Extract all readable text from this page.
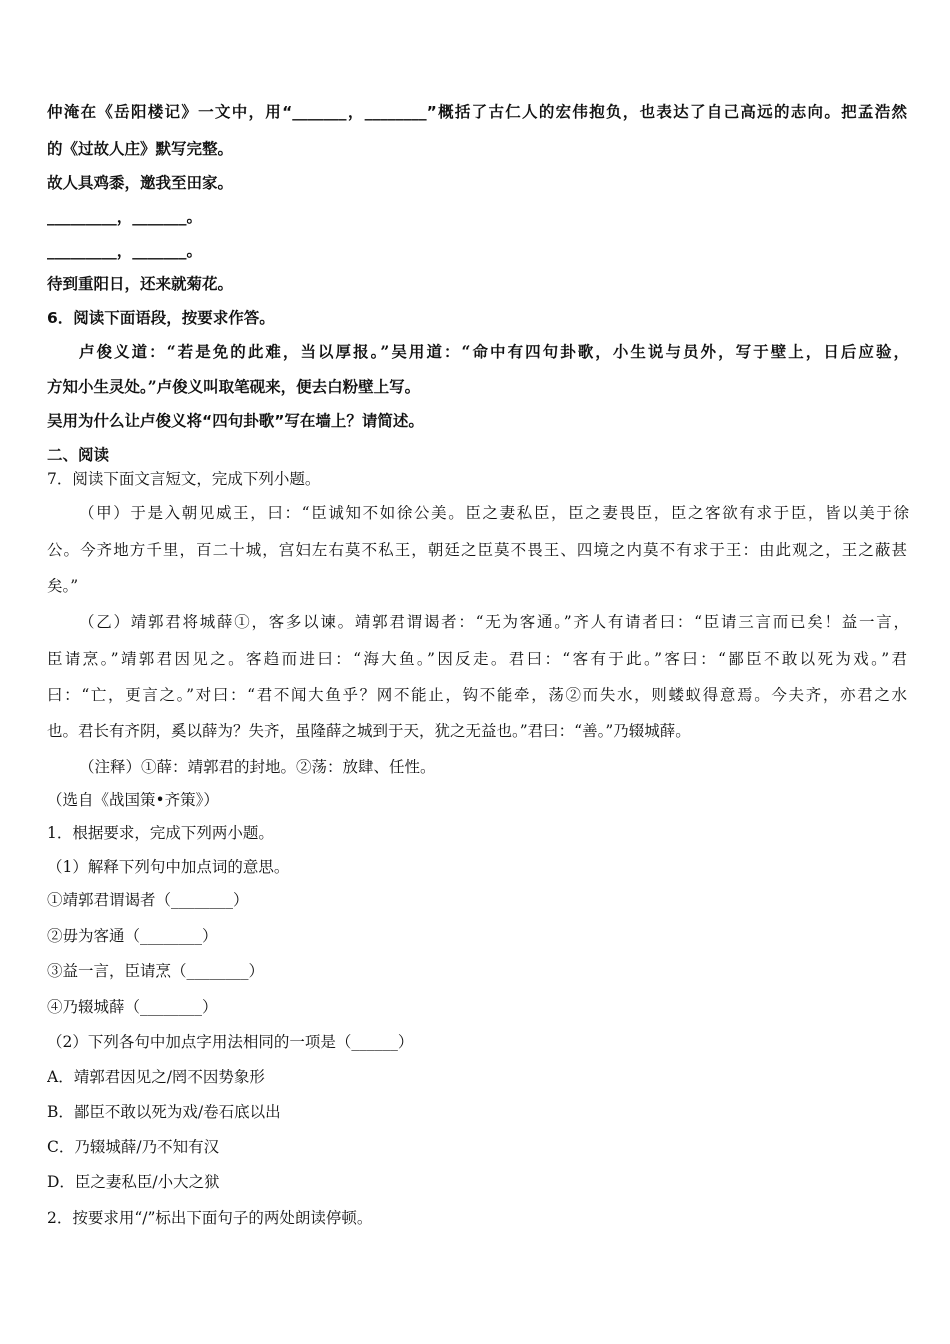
仲淹在《岳阳楼记》一文中，用“_______，________”概括了古仁人的宏伟抱负，也表达了自己高远的志向。把孟浩然
的《过故人庄》默写完整。
故人具鸡黍，邀我至田家。
_________，_______。
_________，_______。
待到重阳日，还来就菊花。
6．阅读下面语段，按要求作答。
卢俊义道：“若是免的此难，当以厚报。”吴用道：“命中有四句卦歌，小生说与员外，写于壁上，日后应验，
方知小生灵处。”卢俊义叫取笔砚来，便去白粉壁上写。
吴用为什么让卢俊义将“四句卦歌”写在墙上？请简述。
二、阅读
7．阅读下面文言短文，完成下列小题。
（甲）于是入朝见威王，曰：“臣诚知不如徐公美。臣之妻私臣，臣之妻畏臣，臣之客欲有求于臣，皆以美于徐
公。今齐地方千里，百二十城，宫妇左右莫不私王，朝廷之臣莫不畏王、四境之内莫不有求于王：由此观之，王之蔽甚
矣。”
（乙）靖郭君将城薛①，客多以谏。靖郭君谓谒者：“无为客通。”齐人有请者曰：“臣请三言而已矣！益一言，
臣请烹。”靖郭君因见之。客趋而进曰：“海大鱼。”因反走。君曰：“客有于此。”客曰：“鄙臣不敢以死为戏。”君
曰：“亡，更言之。”对曰：“君不闻大鱼乎？网不能止，钩不能牵，荡②而失水，则蝼蚁得意焉。今夫齐，亦君之水
也。君长有齐阴，奚以薛为？失齐，虽隆薛之城到于天，犹之无益也。”君曰：“善。”乃辍城薛。
（注释）①薛：靖郭君的封地。②荡：放肆、任性。
（选自《战国策•齐策》）
1．根据要求，完成下列两小题。
（1）解释下列句中加点词的意思。
①靖郭君谓谒者（________）
②毋为客通（________）
③益一言，臣请烹（________）
④乃辍城薛（________）
（2）下列各句中加点字用法相同的一项是（______）
A．靖郭君因见之/罔不因势象形
B．鄙臣不敢以死为戏/卷石底以出
C．乃辍城薛/乃不知有汉
D．臣之妻私臣/小大之狱
2．按要求用“/”标出下面句子的两处朗读停顿。
